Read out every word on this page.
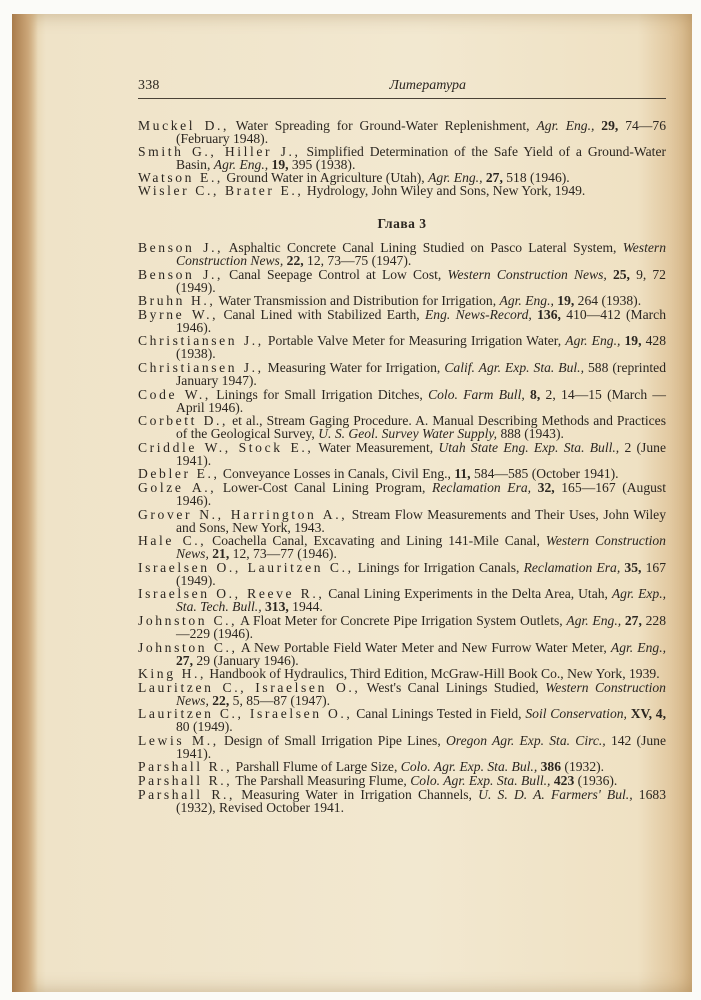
338	Литература
Muckel D., Water Spreading for Ground-Water Replenishment, Agr. Eng., 29, 74—76 (February 1948).
Smith G., Hiller J., Simplified Determination of the Safe Yield of a Ground-Water Basin, Agr. Eng., 19, 395 (1938).
Watson E., Ground Water in Agriculture (Utah), Agr. Eng., 27, 518 (1946).
Wisler C., Brater E., Hydrology, John Wiley and Sons, New York, 1949.
Глава 3
Benson J., Asphaltic Concrete Canal Lining Studied on Pasco Lateral System, Western Construction News, 22, 12, 73—75 (1947).
Benson J., Canal Seepage Control at Low Cost, Western Construction News, 25, 9, 72 (1949).
Bruhn H., Water Transmission and Distribution for Irrigation, Agr. Eng., 19, 264 (1938).
Byrne W., Canal Lined with Stabilized Earth, Eng. News-Record, 136, 410—412 (March 1946).
Christiansen J., Portable Valve Meter for Measuring Irrigation Water, Agr. Eng., 19, 428 (1938).
Christiansen J., Measuring Water for Irrigation, Calif. Agr. Exp. Sta. Bul., 588 (reprinted January 1947).
Code W., Linings for Small Irrigation Ditches, Colo. Farm Bull, 8, 2, 14—15 (March — April 1946).
Corbett D., et al., Stream Gaging Procedure. A. Manual Describing Methods and Practices of the Geological Survey, U. S. Geol. Survey Water Supply, 888 (1943).
Criddle W., Stock E., Water Measurement, Utah State Eng. Exp. Sta. Bull., 2 (June 1941).
Debler E., Conveyance Losses in Canals, Civil Eng., 11, 584—585 (October 1941).
Golze A., Lower-Cost Canal Lining Program, Reclamation Era, 32, 165—167 (August 1946).
Grover N., Harrington A., Stream Flow Measurements and Their Uses, John Wiley and Sons, New York, 1943.
Hale C., Coachella Canal, Excavating and Lining 141-Mile Canal, Western Construction News, 21, 12, 73—77 (1946).
Israelsen O., Lauritzen C., Linings for Irrigation Canals, Reclamation Era, 35, 167 (1949).
Israelsen O., Reeve R., Canal Lining Experiments in the Delta Area, Utah, Agr. Exp., Sta. Tech. Bull., 313, 1944.
Johnston C., A Float Meter for Concrete Pipe Irrigation System Outlets, Agr. Eng., 27, 228—229 (1946).
Johnston C., A New Portable Field Water Meter and New Furrow Water Meter, Agr. Eng., 27, 29 (January 1946).
King H., Handbook of Hydraulics, Third Edition, McGraw-Hill Book Co., New York, 1939.
Lauritzen C., Israelsen O., West's Canal Linings Studied, Western Construction News, 22, 5, 85—87 (1947).
Lauritzen C., Israelsen O., Canal Linings Tested in Field, Soil Conservation, XV, 4, 80 (1949).
Lewis M., Design of Small Irrigation Pipe Lines, Oregon Agr. Exp. Sta. Circ., 142 (June 1941).
Parshall R., Parshall Flume of Large Size, Colo. Agr. Exp. Sta. Bul., 386 (1932).
Parshall R., The Parshall Measuring Flume, Colo. Agr. Exp. Sta. Bull., 423 (1936).
Parshall R., Measuring Water in Irrigation Channels, U. S. D. A. Farmers' Bul., 1683 (1932), Revised October 1941.
